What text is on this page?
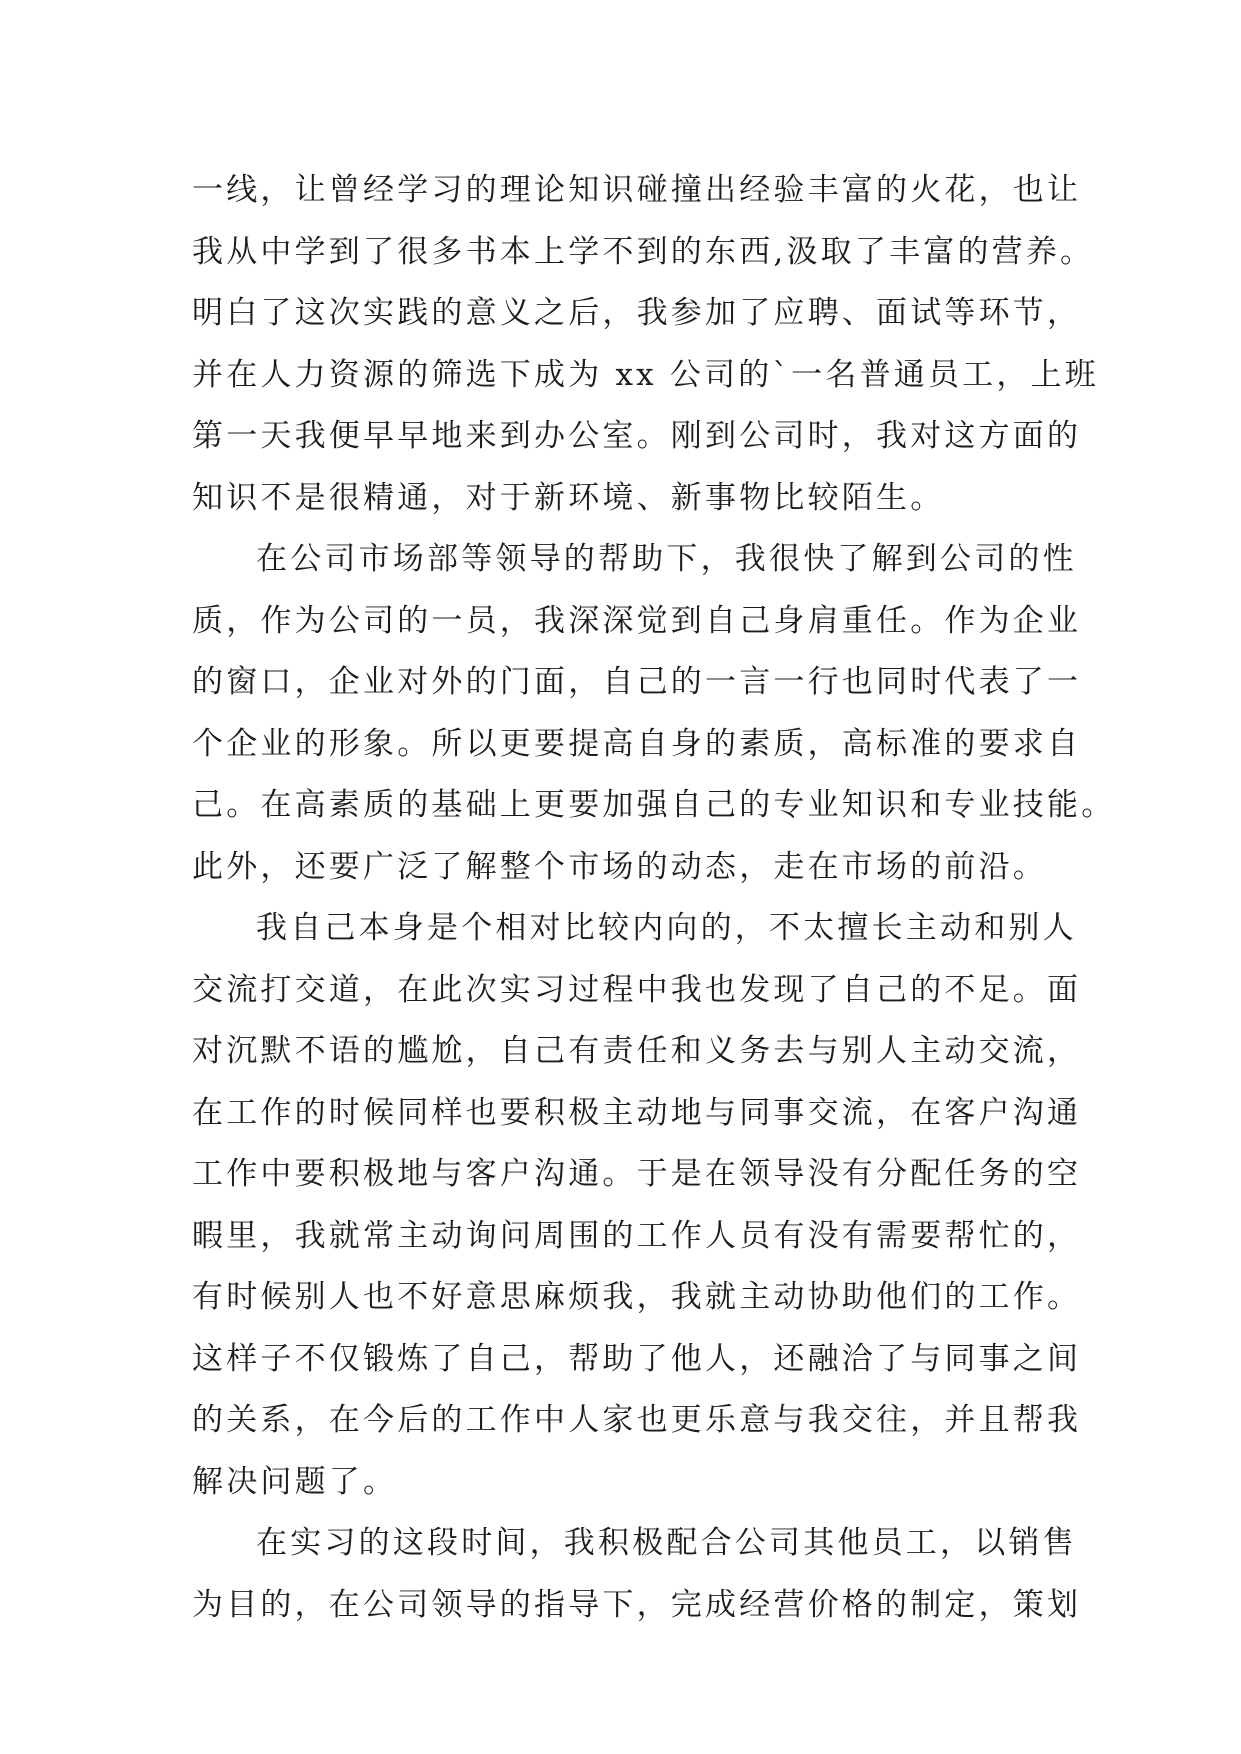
一线，让曾经学习的理论知识碰撞出经验丰富的火花，也让
我从中学到了很多书本上学不到的东西,汲取了丰富的营养。
明白了这次实践的意义之后，我参加了应聘、面试等环节，
并在人力资源的筛选下成为 xx 公司的`一名普通员工，上班
第一天我便早早地来到办公室。刚到公司时，我对这方面的
知识不是很精通，对于新环境、新事物比较陌生。
在公司市场部等领导的帮助下，我很快了解到公司的性
质，作为公司的一员，我深深觉到自己身肩重任。作为企业
的窗口，企业对外的门面，自己的一言一行也同时代表了一
个企业的形象。所以更要提高自身的素质，高标准的要求自
己。在高素质的基础上更要加强自己的专业知识和专业技能。
此外，还要广泛了解整个市场的动态，走在市场的前沿。
我自己本身是个相对比较内向的，不太擅长主动和别人
交流打交道，在此次实习过程中我也发现了自己的不足。面
对沉默不语的尴尬，自己有责任和义务去与别人主动交流，
在工作的时候同样也要积极主动地与同事交流，在客户沟通
工作中要积极地与客户沟通。于是在领导没有分配任务的空
暇里，我就常主动询问周围的工作人员有没有需要帮忙的，
有时候别人也不好意思麻烦我，我就主动协助他们的工作。
这样子不仅锻炼了自己，帮助了他人，还融洽了与同事之间
的关系，在今后的工作中人家也更乐意与我交往，并且帮我
解决问题了。
在实习的这段时间，我积极配合公司其他员工，以销售
为目的，在公司领导的指导下，完成经营价格的制定，策划
